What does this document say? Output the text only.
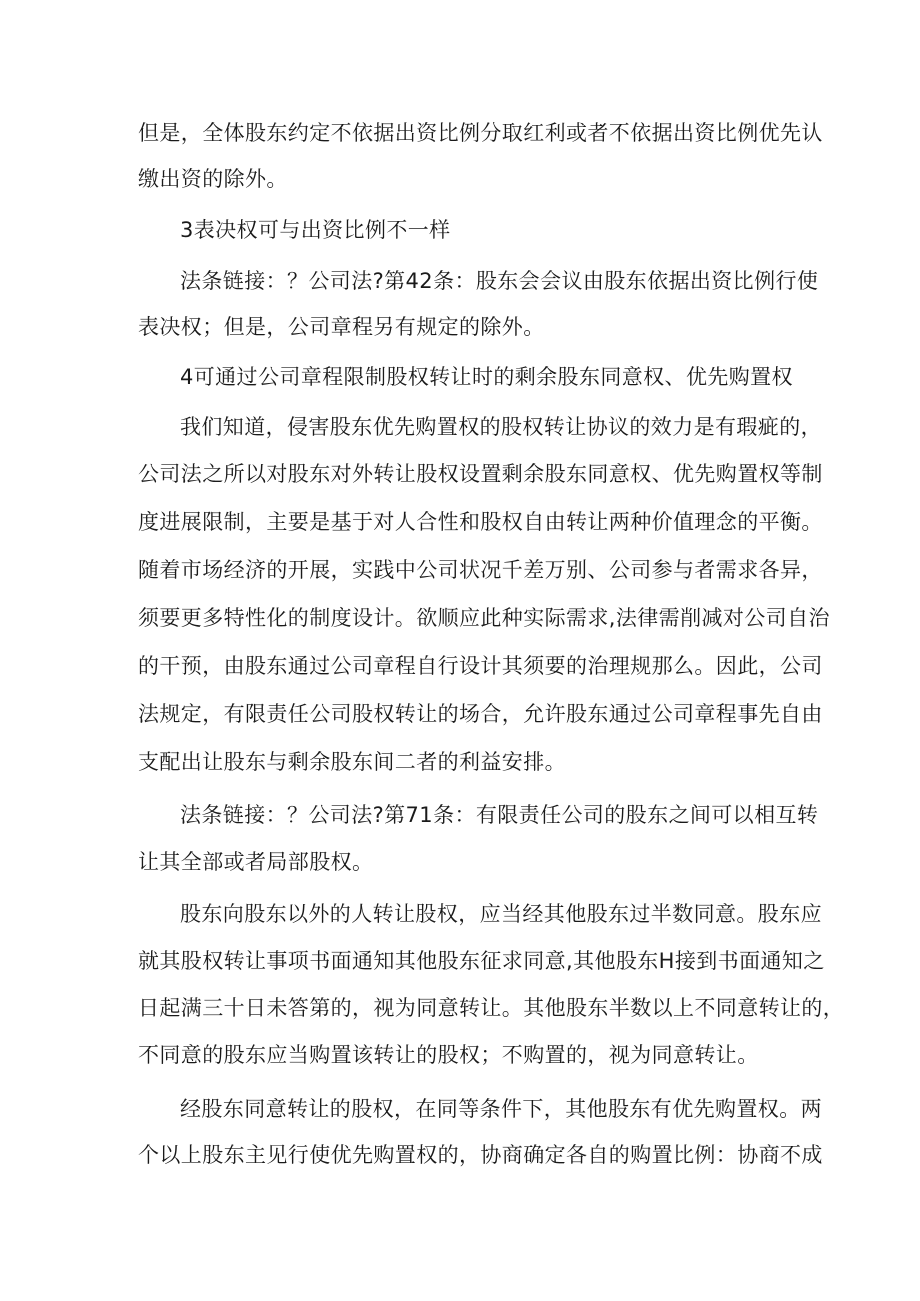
但是，全体股东约定不依据出资比例分取红利或者不依据出资比例优先认
缴出资的除外。
3表决权可与出资比例不一样
法条链接：？公司法?第42条：股东会会议由股东依据出资比例行使
表决权；但是，公司章程另有规定的除外。
4可通过公司章程限制股权转让时的剩余股东同意权、优先购置权
我们知道，侵害股东优先购置权的股权转让协议的效力是有瑕疵的，
公司法之所以对股东对外转让股权设置剩余股东同意权、优先购置权等制
度进展限制，主要是基于对人合性和股权自由转让两种价值理念的平衡。
随着市场经济的开展，实践中公司状况千差万别、公司参与者需求各异，
须要更多特性化的制度设计。欲顺应此种实际需求,法律需削减对公司自治
的干预，由股东通过公司章程自行设计其须要的治理规那么。因此，公司
法规定，有限责任公司股权转让的场合，允许股东通过公司章程事先自由
支配出让股东与剩余股东间二者的利益安排。
法条链接：？公司法?第71条：有限责任公司的股东之间可以相互转
让其全部或者局部股权。
股东向股东以外的人转让股权，应当经其他股东过半数同意。股东应
就其股权转让事项书面通知其他股东征求同意,其他股东H接到书面通知之
日起满三十日未答第的，视为同意转让。其他股东半数以上不同意转让的，
不同意的股东应当购置该转让的股权；不购置的，视为同意转让。
经股东同意转让的股权，在同等条件下，其他股东有优先购置权。两
个以上股东主见行使优先购置权的，协商确定各自的购置比例：协商不成
